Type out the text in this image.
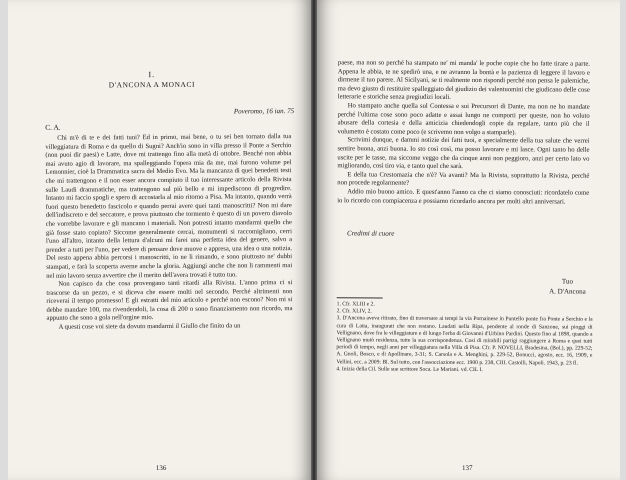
I.
D'ANCONA A MONACI
Poveromo, 16 ian. 75
C. A.

Chi m'è di te e dei fatti tuoi? Ed in primo, mai bene, o tu sei ben tornato dalla tua villeggiatura di Roma e da quello di Sugni? Anch'io sono in villa presso il Ponte a Serchio (non puoi dir paesi) e Latte, dove mi trattengo fino alla metà di ottobre. Benché non abbia mai avuto agio di lavorare, ma spalleggiando l'opera mia da me, mai furono volume pel Lemonnier, cioè la Drammatica sacra del Medio Evo. Ma la mancanza di quei benedetti testi che mi trattengono e il non esser ancora compiuto il tuo interessante articolo della Rivista sulle Laudi drammatiche, ma trattengono sul più bello e mi impediscono di progredire. Intanto mi faccio spogli e spero di accostarla al mio ritorno a Pisa. Ma intanto, quando verrà fuori questo benedetto fascicolo e quando perrai avere quei tanti manoscritti? Non mi dare dell'indiscreto e del seccatore, e prova piuttosto che tormento è questo di un povero diavolo che vorrebbe lavorare e gli mancano i materiali. Non potresti intanto mandarmi quello che già fosse stato copiato? Siccome generalmente cercai, monumenti si raccomigliano, cerri l'uno all'altro, intanto della lettura d'alcuni mi farei una perfetta idea del genere, salvo a prender a tutti per l'uno, per vedere di pensare dove muove e appresa, una idea o una notizia. Del resto appena abbia percorsi i manoscritti, io ne li rimando, e sono piuttosto ne' dubbi stampati, e farà la scoperta averne anche la gloria. Aggiungi anche che non li rammenti mai nel mio lavoro senza avvertire che il merito dell'avera trovati è tutto tuo.

Non capisco da che cosa provengano tanti ritardi alla Rivista. L'anno prima ci si trascorse da un pezzo, e si diceva che essere molti nel secondo. Perché altrimenti non riceverai il tempo promesso! E gli estratti del mio articolo e perché non escono? Non mi si debbe mandare 100, ma rivendendoli, la cosa di 200 o sono finanziamento non ricordo, ma appunto che sono a gola nell'orgine mio.

A questi cose voi siete da dovuto mandarmi il Giullo che finito da un

136

paese, ma non so perché ha stampato ne' mi manda' le poche copie che ho fatte tirare a parte. Appena le abbia, te ne spedirò una, e ne avranno la bontà e la pazienza di leggere il lavoro e dirmene il tuo parere. Al Sicilyani, se ti realmente non rispondi perché non pensa le palemiche, ma devo giusto di restituire spalleggiato del giudizio dei valentuomini che giudicano delle cose letterarie e storiche senza pregiudizi locali.

Ho stampato anche quella sul Contessa e sui Precursori di Dante, ma non ne ho mandate perché l'ultima cose sono poco adatte e assai lungo ne comporti per queste, non ho voluto abusare della cortesia e della amicizia chiedendogli copie da regalare, tanto più che il volumetto è costato come poco (e scrivemo non volgo a stamparle).

Scrivimi dunque, e dammi notizie dei fatti tuoi, e specialmente della tua salute che verrei sentire buona, anzi buona. Io sto così così, ma posso lavorare e mi lasce. Ogni tanto ho delle uscite per le tasse, ma siccome veggo che da cinque anni non peggioro, anzi per certo lato vo migliorando, così tiro via, e tanto quel che sarà.

E della tua Crestomazia che n'è? Va avanti? Ma la Rivista, soprattutto la Rivista, perché non procede regolarmente?

Addio mio buono amico. E quest'anno l'anno ca che ci siamo conosciuti: ricordatelo come io lo ricordo con compiacenza e possiamo ricordarlo ancora per molti altri anniversari.

Credimi di cuore
Tuo
A. D'Ancona
1. Cfr. XLIII e 2.
2. Cfr. XLIV, 2.
3. D'Ancona aveva ritirato, fino di traversare ai tempi la via Pornainese in Puntello ponte fra Ponte a Serchio e la cura di Latta, inaugurati che non restano. Laudati nella Ripa, pendente al ronde di Sanzone, sui pioggi di Vellignano, dove fra le villeggiature e di lungo l'erba di Giovanni d'Urbino Pardini. Questo fino al 1898, quando a Vellignano mutò residenza, tutte la sua corrispondenza. Cosi di mirabili partigi raggiungere a Roma e quei tutti periodi di tempo, negli anni per villeggiatura nella Villa di Pisa. Cfr. P. NOVELLI, Bradesina, (Bol.), pp. 229-52; A. Gnoli, Bosco, e di Apollinare, 3-31; S. Carsola e A. Menghini, p. 229-52, Bonucci, agosto, ecc. 16, 1909, e Vellini, ecc. a 2009: Bl. Sul tutto, con l'assocciazione ecc. 1900 p. 238, CIII. Castolli, Napoli. 1943, p. 23 fl.
4. Inizia della Cil. Sulle sue scrittore Soca. Le Mariani. vd. CIL I.
137
